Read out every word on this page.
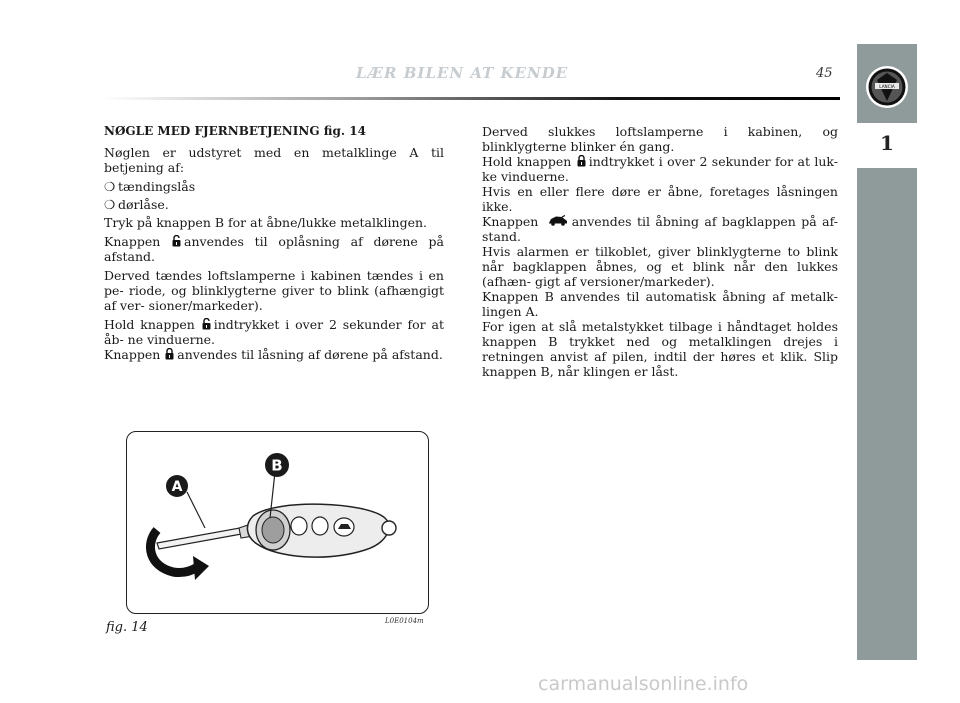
LÆR BILEN AT KENDE	45
LANCIA
1

NØGLE MED FJERNBETJENING fig. 14

Nøglen er udstyret med en metalklinge A til betjening af:

❍ tændingslås
❍ dørlåse.

Tryk på knappen B for at åbne/lukke metalklingen.

Knappen anvendes til oplåsning af dørene på afstand.

Derved tændes loftslamperne i kabinen tændes i en pe- riode, og blinklygterne giver to blink (afhængigt af ver- sioner/markeder).

Hold knappen indtrykket i over 2 sekunder for at åb- ne vinduerne.

Knappen anvendes til låsning af dørene på afstand.

Derved slukkes loftslamperne i kabinen, og blinklygterne blinker én gang.

Hold knappen indtrykket i over 2 sekunder for at luk- ke vinduerne.

Hvis en eller flere døre er åbne, foretages låsningen ikke.

Knappen	anvendes til åbning af bagklappen på af- stand.

Hvis alarmen er tilkoblet, giver blinklygterne to blink når bagklappen åbnes, og et blink når den lukkes (afhæn- gigt af versioner/markeder).

Knappen B anvendes til automatisk åbning af metalk- lingen A.

For igen at slå metalstykket tilbage i håndtaget holdes knappen B trykket ned og metalklingen drejes i retningen anvist af pilen, indtil der høres et klik. Slip knappen B, når klingen er låst.

A
B
fig. 14	L0E0104m
carmanualsonline.info
